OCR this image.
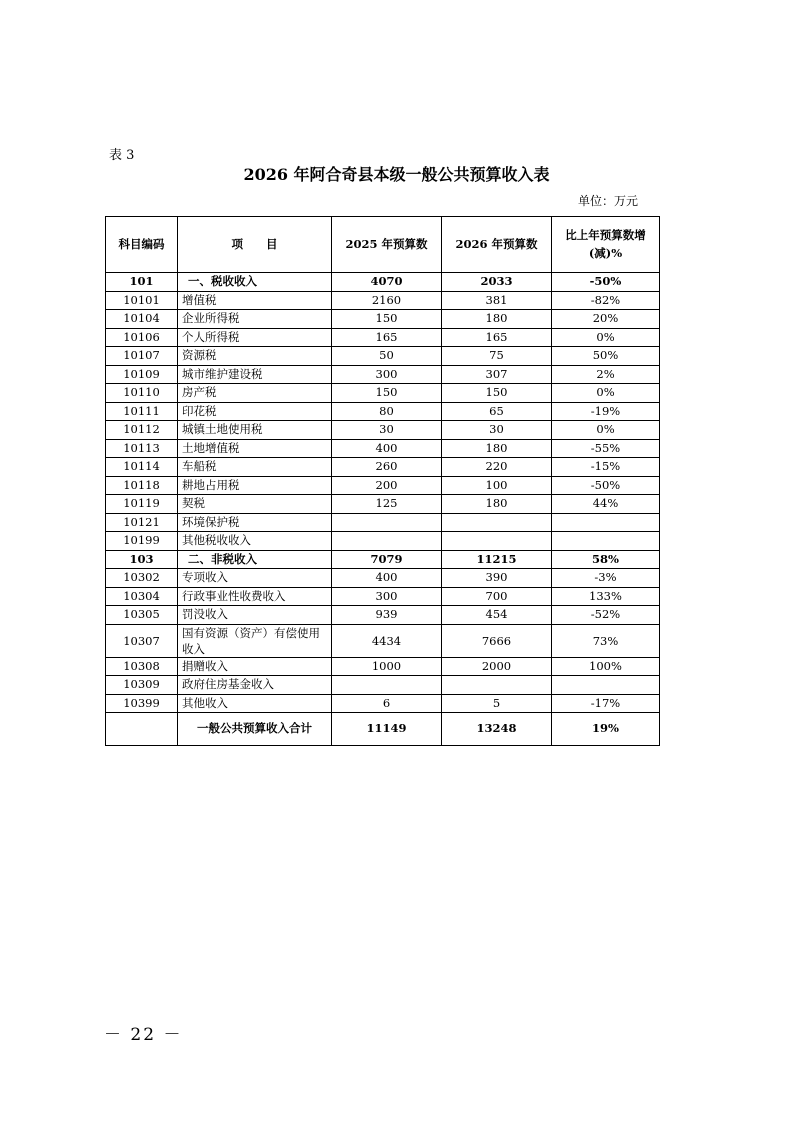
表 3
2026 年阿合奇县本级一般公共预算收入表
单位：万元
科目编码	项　　目	2025 年预算数	2026 年预算数	比上年预算数增 (减)%
101	一、税收收入	4070	2033	-50%
10101	增值税	2160	381	-82%
10104	企业所得税	150	180	20%
10106	个人所得税	165	165	0%
10107	资源税	50	75	50%
10109	城市维护建设税	300	307	2%
10110	房产税	150	150	0%
10111	印花税	80	65	-19%
10112	城镇土地使用税	30	30	0%
10113	土地增值税	400	180	-55%
10114	车船税	260	220	-15%
10118	耕地占用税	200	100	-50%
10119	契税	125	180	44%
10121	环境保护税			
10199	其他税收收入			
103	二、非税收入	7079	11215	58%
10302	专项收入	400	390	-3%
10304	行政事业性收费收入	300	700	133%
10305	罚没收入	939	454	-52%
10307	国有资源（资产）有偿使用收入	4434	7666	73%
10308	捐赠收入	1000	2000	100%
10309	政府住房基金收入			
10399	其他收入	6	5	-17%
	一般公共预算收入合计	11149	13248	19%
－ 22 －
